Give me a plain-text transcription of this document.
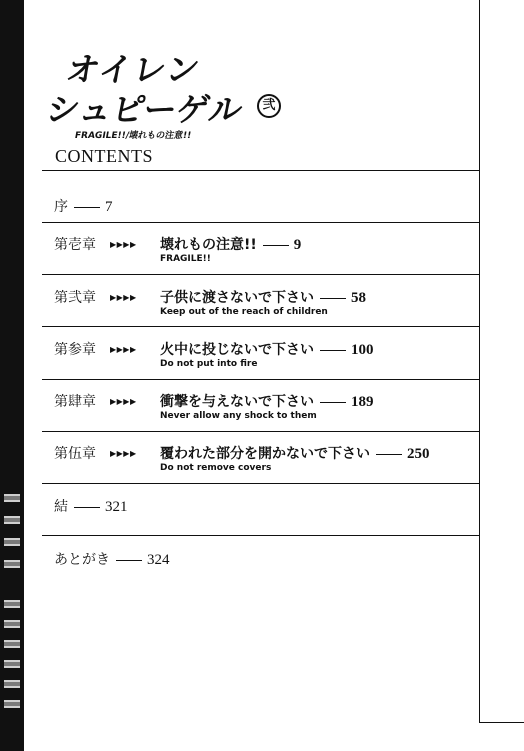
オイレン
シュピーゲル	弐
FRAGILE!!/壊れもの注意!!
CONTENTS
序 7
第壱章 ▶▶▶▶ 壊れもの注意!! 9
FRAGILE!!
第弐章 ▶▶▶▶ 子供に渡さないで下さい 58
Keep out of the reach of children
第参章 ▶▶▶▶ 火中に投じないで下さい 100
Do not put into fire
第肆章 ▶▶▶▶ 衝撃を与えないで下さい 189
Never allow any shock to them
第伍章 ▶▶▶▶ 覆われた部分を開かないで下さい 250
Do not remove covers
結 321
あとがき 324
